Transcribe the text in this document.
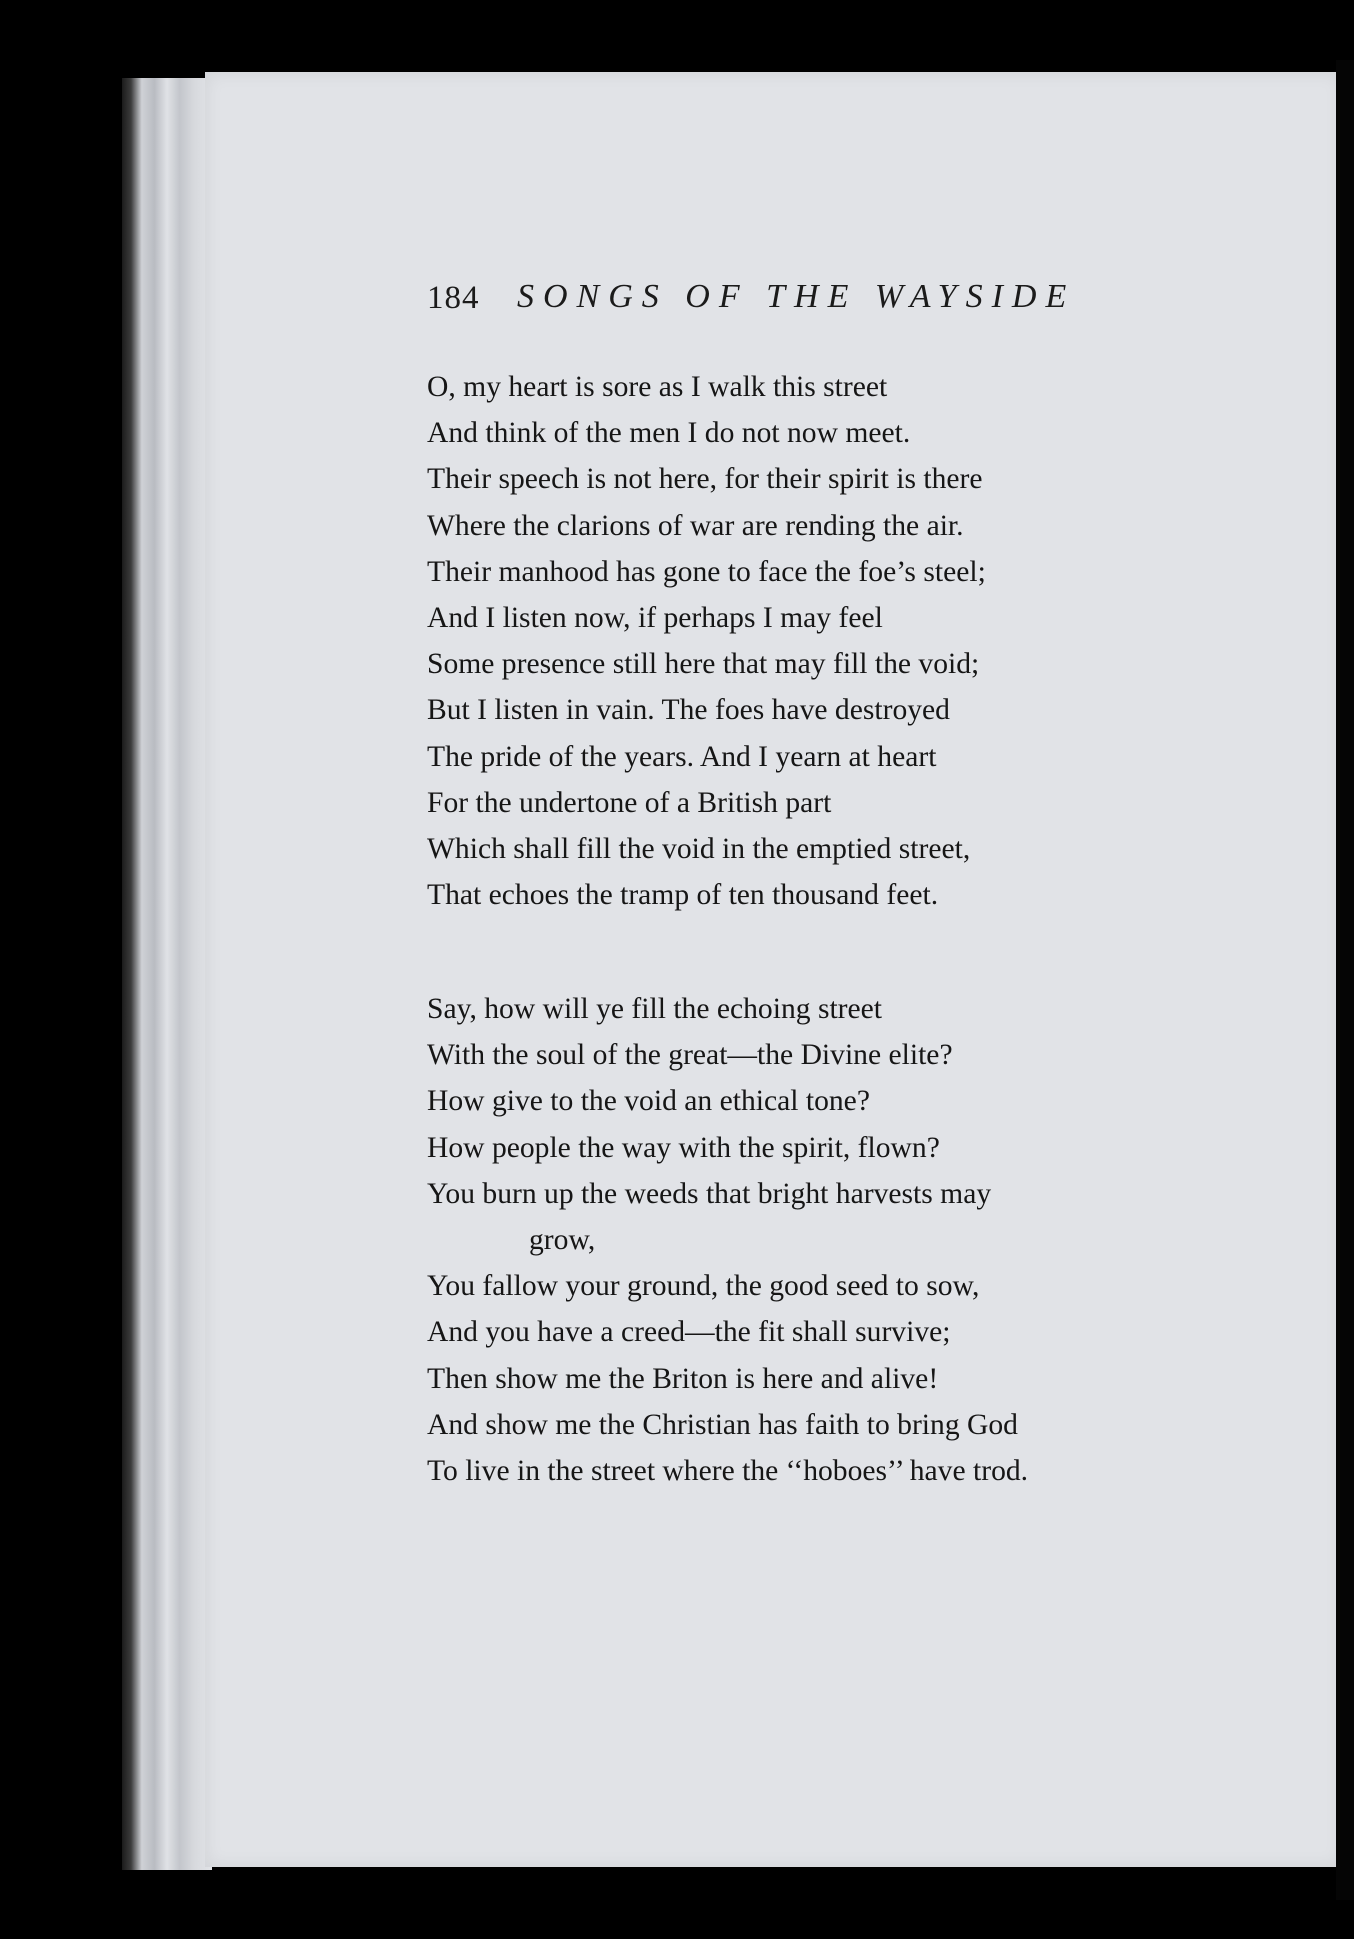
184 SONGS OF THE WAYSIDE
O, my heart is sore as I walk this street
And think of the men I do not now meet.
Their speech is not here, for their spirit is there
Where the clarions of war are rending the air.
Their manhood has gone to face the foe’s steel;
And I listen now, if perhaps I may feel
Some presence still here that may fill the void;
But I listen in vain. The foes have destroyed
The pride of the years. And I yearn at heart
For the undertone of a British part
Which shall fill the void in the emptied street,
That echoes the tramp of ten thousand feet.
Say, how will ye fill the echoing street
With the soul of the great—the Divine elite?
How give to the void an ethical tone?
How people the way with the spirit, flown?
You burn up the weeds that bright harvests may
grow,
You fallow your ground, the good seed to sow,
And you have a creed—the fit shall survive;
Then show me the Briton is here and alive!
And show me the Christian has faith to bring God
To live in the street where the ‘‘hoboes’’ have trod.
